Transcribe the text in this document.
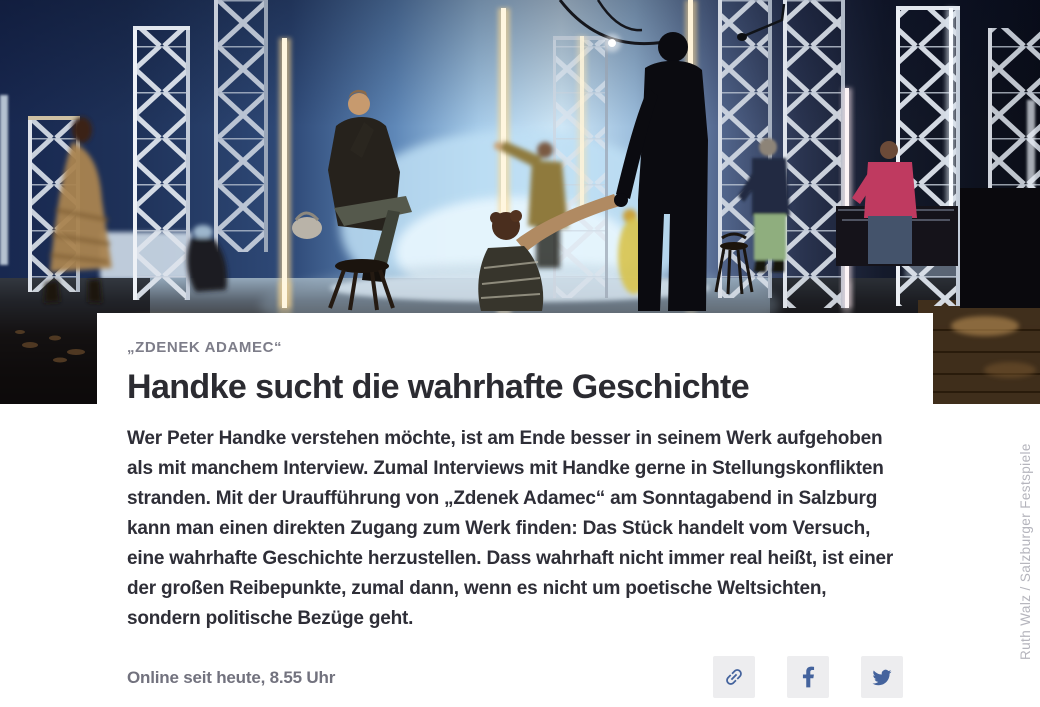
Ruth Walz / Salzburger Festspiele
„ZDENEK ADAMEC“
Handke sucht die wahrhafte Geschichte

Wer Peter Handke verstehen möchte, ist am Ende besser in seinem Werk aufgehoben als mit manchem Interview. Zumal Interviews mit Handke gerne in Stellungskonflikten stranden. Mit der Uraufführung von „Zdenek Adamec“ am Sonntagabend in Salzburg kann man einen direkten Zugang zum Werk finden: Das Stück handelt vom Versuch, eine wahrhafte Geschichte herzustellen. Dass wahrhaft nicht immer real heißt, ist einer der großen Reibepunkte, zumal dann, wenn es nicht um poetische Weltsichten, sondern politische Bezüge geht.

Online seit heute, 8.55 Uhr
